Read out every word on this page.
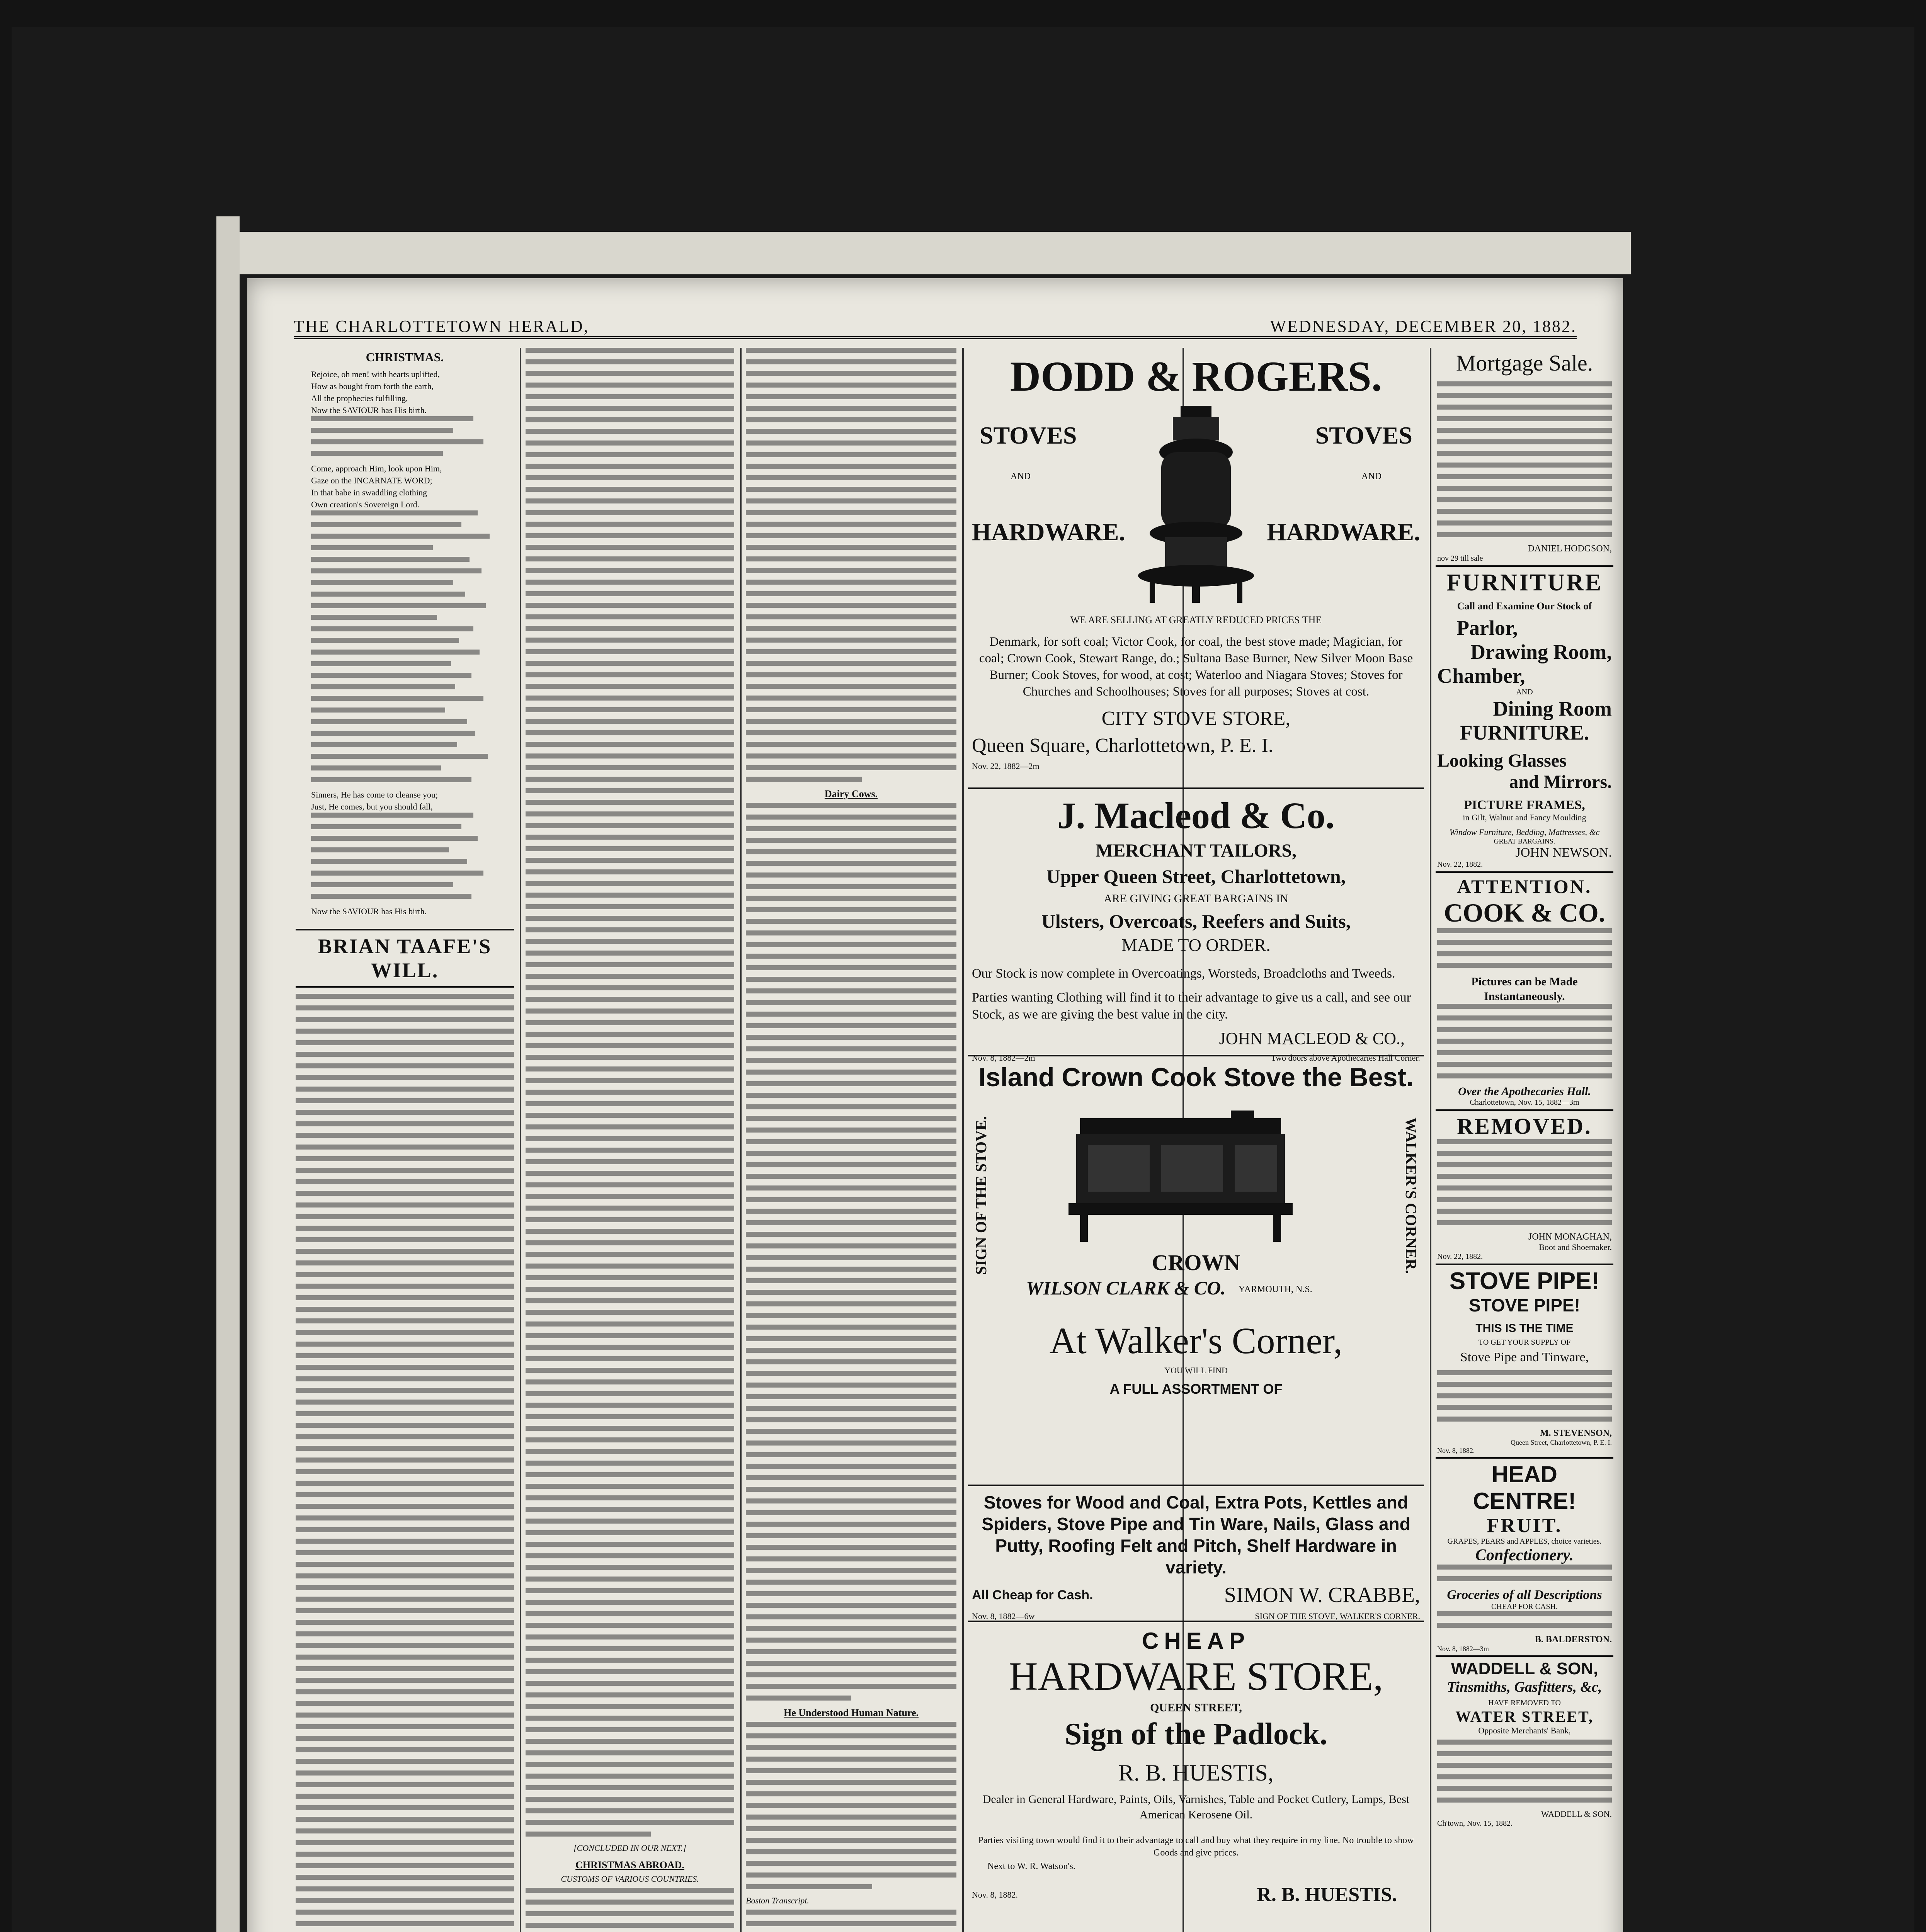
THE CHARLOTTETOWN HERALD,	WEDNESDAY, DECEMBER 20, 1882.
CHRISTMAS.
Rejoice, oh men! with hearts uplifted,
How as bought from forth the earth,
All the prophecies fulfilling,
Now the SAVIOUR has His birth.
Come, approach Him, look upon Him,
Gaze on the INCARNATE WORD;
In that babe in swaddling clothing
Own creation's Sovereign Lord.
Sinners, He has come to cleanse you;
Just, He comes, but you should fall,
Now the SAVIOUR has His birth.
BRIAN TAAFE'S WILL.
[CONCLUDED IN OUR NEXT.]
CHRISTMAS ABROAD.
CUSTOMS OF VARIOUS COUNTRIES.
Dairy Cows.
He Understood Human Nature.
Boston Transcript.
DODD & ROGERS.
STOVES	STOVES
AND	AND
HARDWARE.	HARDWARE.
WE ARE SELLING AT GREATLY REDUCED PRICES THE
Denmark, for soft coal; Victor Cook, for coal, the best stove made; Magician, for coal; Crown Cook, Stewart Range, do.; Sultana Base Burner, New Silver Moon Base Burner; Cook Stoves, for wood, at cost; Waterloo and Niagara Stoves; Stoves for Churches and Schoolhouses; Stoves for all purposes; Stoves at cost.
CITY STOVE STORE,
Queen Square, Charlottetown, P. E. I.
Nov. 22, 1882—2m
J. Macleod & Co.
MERCHANT TAILORS,
Upper Queen Street, Charlottetown,
ARE GIVING GREAT BARGAINS IN
Ulsters, Overcoats, Reefers and Suits,
MADE TO ORDER.
Our Stock is now complete in Overcoatings, Worsteds, Broadcloths and Tweeds.
Parties wanting Clothing will find it to their advantage to give us a call, and see our Stock, as we are giving the best value in the city.
JOHN MACLEOD & CO.,
Nov. 8, 1882—2m	Two doors above Apothecaries Hall Corner.
Island Crown Cook Stove the Best.
SIGN OF THE STOVE.	WALKER'S CORNER.
CROWN
WILSON CLARK & CO. YARMOUTH, N.S.
At Walker's Corner,
YOU WILL FIND
A FULL ASSORTMENT OF
Stoves for Wood and Coal, Extra Pots, Kettles and Spiders, Stove Pipe and Tin Ware, Nails, Glass and Putty, Roofing Felt and Pitch, Shelf Hardware in variety.
All Cheap for Cash.	SIMON W. CRABBE,
Nov. 8, 1882—6w	SIGN OF THE STOVE, WALKER'S CORNER.
CHEAP
HARDWARE STORE,
QUEEN STREET,
Sign of the Padlock.
R. B. HUESTIS,
Dealer in General Hardware, Paints, Oils, Varnishes, Table and Pocket Cutlery, Lamps, Best American Kerosene Oil.
Parties visiting town would find it to their advantage to call and buy what they require in my line. No trouble to show Goods and give prices.
Next to W. R. Watson's.
Nov. 8, 1882.	R. B. HUESTIS.
Mortgage Sale.
DANIEL HODGSON,
nov 29 till sale
FURNITURE
Call and Examine Our Stock of
Parlor,
Drawing Room,
Chamber,
AND
Dining Room
FURNITURE.
Looking Glasses
and Mirrors.
PICTURE FRAMES,
in Gilt, Walnut and Fancy Moulding
Window Furniture, Bedding, Mattresses, &c
GREAT BARGAINS.
JOHN NEWSON.
Nov. 22, 1882.
ATTENTION.
COOK & CO.
Pictures can be Made Instantaneously.
Over the Apothecaries Hall.
Charlottetown, Nov. 15, 1882—3m
REMOVED.
JOHN MONAGHAN,
Boot and Shoemaker.
Nov. 22, 1882.
STOVE PIPE!
STOVE PIPE!
THIS IS THE TIME
TO GET YOUR SUPPLY OF
Stove Pipe and Tinware,
M. STEVENSON,
Queen Street, Charlottetown, P. E. I.
Nov. 8, 1882.
HEAD CENTRE!
FRUIT.
GRAPES, PEARS and APPLES, choice varieties.
Confectionery.
Groceries of all Descriptions
CHEAP FOR CASH.
B. BALDERSTON.
Nov. 8, 1882—3m
WADDELL & SON,
Tinsmiths, Gasfitters, &c,
HAVE REMOVED TO
WATER STREET,
Opposite Merchants' Bank,
WADDELL & SON.
Ch'town, Nov. 15, 1882.
